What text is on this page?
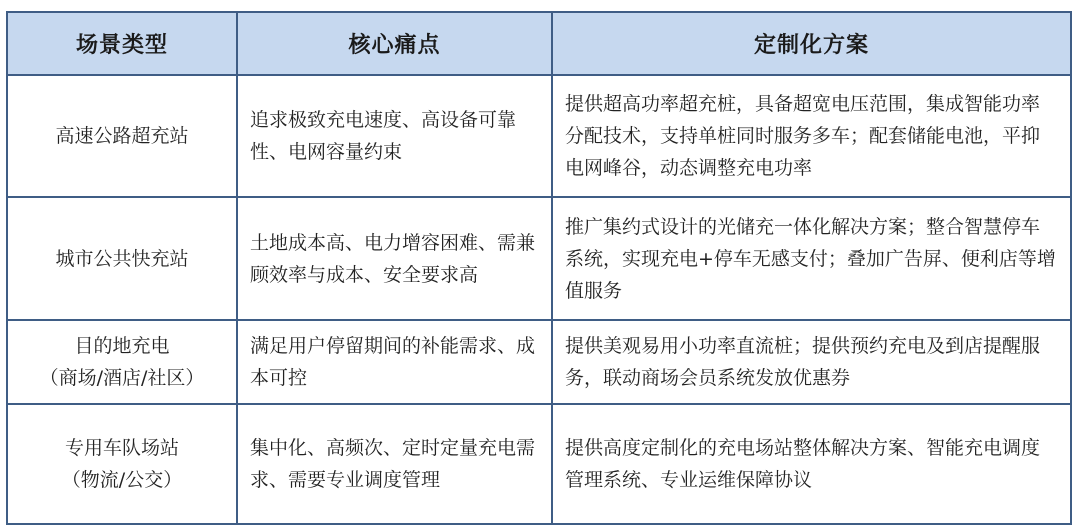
场景类型	核心痛点	定制化方案

高速公路超充站	追求极致充电速度、高设备可靠性、电网容量约束	提供超高功率超充桩，具备超宽电压范围，集成智能功率分配技术，支持单桩同时服务多车；配套储能电池，平抑电网峰谷，动态调整充电功率

城市公共快充站	土地成本高、电力增容困难、需兼顾效率与成本、安全要求高	推广集约式设计的光储充一体化解决方案；整合智慧停车系统，实现充电+停车无感支付；叠加广告屏、便利店等增值服务

目的地充电
（商场/酒店/社区）	满足用户停留期间的补能需求、成本可控	提供美观易用小功率直流桩；提供预约充电及到店提醒服务，联动商场会员系统发放优惠券

专用车队场站
（物流/公交）	集中化、高频次、定时定量充电需求、需要专业调度管理	提供高度定制化的充电场站整体解决方案、智能充电调度管理系统、专业运维保障协议
